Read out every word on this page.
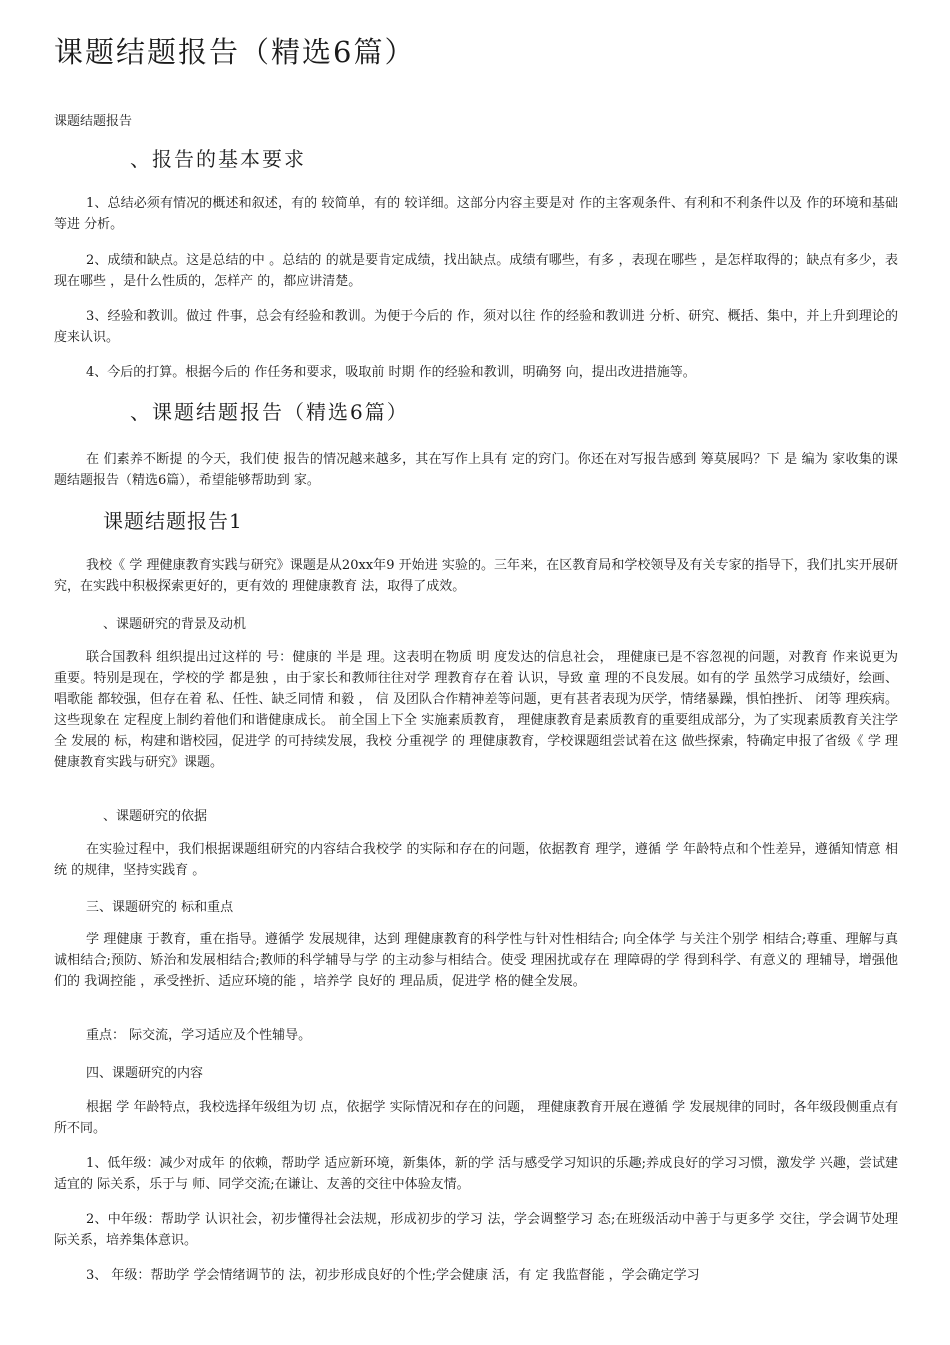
课题结题报告（精选6篇）
课题结题报告
、报告的基本要求

1、总结必须有情况的概述和叙述，有的 较简单，有的 较详细。这部分内容主要是对 作的主客观条件、有利和不利条件以及 作的环境和基础等进 分析。

2、成绩和缺点。这是总结的中 。总结的 的就是要肯定成绩，找出缺点。成绩有哪些，有多 ，表现在哪些 ，是怎样取得的；缺点有多少，表现在哪些 ，是什么性质的，怎样产 的，都应讲清楚。

3、经验和教训。做过 件事，总会有经验和教训。为便于今后的 作，须对以往 作的经验和教训进 分析、研究、概括、集中，并上升到理论的 度来认识。

4、今后的打算。根据今后的 作任务和要求，吸取前 时期 作的经验和教训，明确努 向，提出改进措施等。

、课题结题报告（精选6篇）

在 们素养不断提 的今天，我们使 报告的情况越来越多，其在写作上具有 定的窍门。你还在对写报告感到 筹莫展吗？下 是 编为 家收集的课题结题报告（精选6篇），希望能够帮助到 家。

课题结题报告1

我校《 学 理健康教育实践与研究》课题是从20xx年9 开始进 实验的。三年来，在区教育局和学校领导及有关专家的指导下，我们扎实开展研究，在实践中积极探索更好的，更有效的 理健康教育 法，取得了成效。

、课题研究的背景及动机

联合国教科 组织提出过这样的 号：健康的 半是 理。这表明在物质 明 度发达的信息社会， 理健康已是不容忽视的问题，对教育 作来说更为重要。特别是现在，学校的学 都是独 ，由于家长和教师往往对学 理教育存在着 认识，导致 童 理的不良发展。如有的学 虽然学习成绩好，绘画、唱歌能 都较强，但存在着 私、任性、缺乏同情 和毅 ， 信 及团队合作精神差等问题，更有甚者表现为厌学，情绪暴躁，惧怕挫折、 闭等 理疾病。这些现象在 定程度上制约着他们和谐健康成长。 前全国上下全 实施素质教育， 理健康教育是素质教育的重要组成部分，为了实现素质教育关注学 全 发展的 标，构建和谐校园，促进学 的可持续发展，我校 分重视学 的 理健康教育，学校课题组尝试着在这 做些探索，特确定申报了省级《 学 理健康教育实践与研究》课题。

、课题研究的依据

在实验过程中，我们根据课题组研究的内容结合我校学 的实际和存在的问题，依据教育 理学，遵循 学 年龄特点和个性差异，遵循知情意 相统 的规律，坚持实践育 。

三、课题研究的 标和重点

学 理健康 于教育，重在指导。遵循学 发展规律，达到 理健康教育的科学性与针对性相结合; 向全体学 与关注个别学 相结合;尊重、理解与真诚相结合;预防、矫治和发展相结合;教师的科学辅导与学 的主动参与相结合。使受 理困扰或存在 理障碍的学 得到科学、有意义的 理辅导，增强他们的 我调控能 ，承受挫折、适应环境的能 ，培养学 良好的 理品质，促进学 格的健全发展。

重点： 际交流，学习适应及个性辅导。

四、课题研究的内容

根据 学 年龄特点，我校选择年级组为切 点，依据学 实际情况和存在的问题， 理健康教育开展在遵循 学 发展规律的同时，各年级段侧重点有所不同。

1、低年级：减少对成年 的依赖，帮助学 适应新环境，新集体，新的学 活与感受学习知识的乐趣;养成良好的学习习惯，激发学 兴趣，尝试建 适宜的 际关系，乐于与 师、同学交流;在谦让、友善的交往中体验友情。

2、中年级：帮助学 认识社会，初步懂得社会法规，形成初步的学习 法，学会调整学习 态;在班级活动中善于与更多学 交往，学会调节处理 际关系，培养集体意识。

3、 年级：帮助学 学会情绪调节的 法，初步形成良好的个性;学会健康 活，有 定 我监督能 ，学会确定学习
